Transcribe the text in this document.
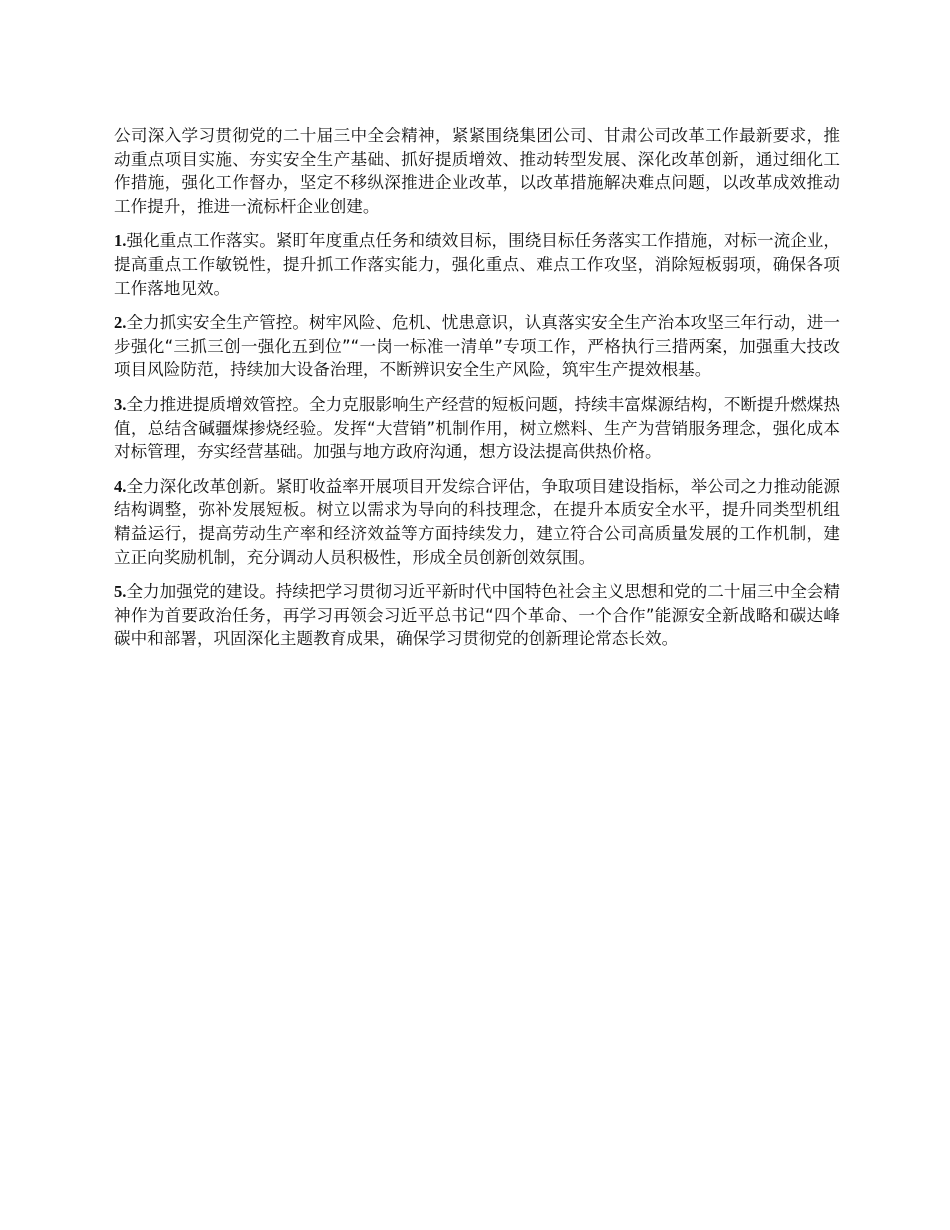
公司深入学习贯彻党的二十届三中全会精神，紧紧围绕集团公司、甘肃公司改革工作最新要求，推动重点项目实施、夯实安全生产基础、抓好提质增效、推动转型发展、深化改革创新，通过细化工作措施，强化工作督办，坚定不移纵深推进企业改革，以改革措施解决难点问题，以改革成效推动工作提升，推进一流标杆企业创建。

1.强化重点工作落实。紧盯年度重点任务和绩效目标，围绕目标任务落实工作措施，对标一流企业，提高重点工作敏锐性，提升抓工作落实能力，强化重点、难点工作攻坚，消除短板弱项，确保各项工作落地见效。

2.全力抓实安全生产管控。树牢风险、危机、忧患意识，认真落实安全生产治本攻坚三年行动，进一步强化“三抓三创一强化五到位”“一岗一标准一清单”专项工作，严格执行三措两案，加强重大技改项目风险防范，持续加大设备治理，不断辨识安全生产风险，筑牢生产提效根基。

3.全力推进提质增效管控。全力克服影响生产经营的短板问题，持续丰富煤源结构，不断提升燃煤热值，总结含碱疆煤掺烧经验。发挥“大营销”机制作用，树立燃料、生产为营销服务理念，强化成本对标管理，夯实经营基础。加强与地方政府沟通，想方设法提高供热价格。

4.全力深化改革创新。紧盯收益率开展项目开发综合评估，争取项目建设指标，举公司之力推动能源结构调整，弥补发展短板。树立以需求为导向的科技理念，在提升本质安全水平，提升同类型机组精益运行，提高劳动生产率和经济效益等方面持续发力，建立符合公司高质量发展的工作机制，建立正向奖励机制，充分调动人员积极性，形成全员创新创效氛围。

5.全力加强党的建设。持续把学习贯彻习近平新时代中国特色社会主义思想和党的二十届三中全会精神作为首要政治任务，再学习再领会习近平总书记“四个革命、一个合作”能源安全新战略和碳达峰碳中和部署，巩固深化主题教育成果，确保学习贯彻党的创新理论常态长效。
